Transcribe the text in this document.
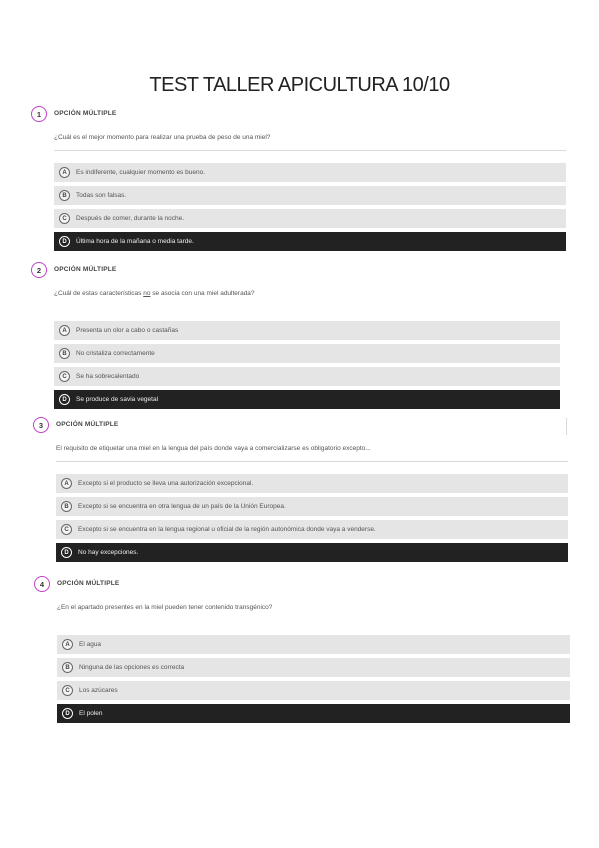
TEST TALLER APICULTURA 10/10
1	OPCIÓN MÚLTIPLE
¿Cuál es el mejor momento para realizar una prueba de peso de una miel?
A	Es indiferente, cualquier momento es bueno.
B	Todas son falsas.
C	Después de comer, durante la noche.
D	Última hora de la mañana o media tarde.
2	OPCIÓN MÚLTIPLE
¿Cuál de estas características no se asocia con una miel adulterada?
A	Presenta un olor a cabo o castañas
B	No cristaliza correctamente
C	Se ha sobrecalentado
D	Se produce de savia vegetal
3	OPCIÓN MÚLTIPLE
El requisito de etiquetar una miel en la lengua del país donde vaya a comercializarse es obligatorio excepto...
A	Excepto si el producto se lleva una autorización excepcional.
B	Excepto si se encuentra en otra lengua de un país de la Unión Europea.
C	Excepto si se encuentra en la lengua regional u oficial de la región autonómica donde vaya a venderse.
D	No hay excepciones.
4	OPCIÓN MÚLTIPLE
¿En el apartado presentes en la miel pueden tener contenido transgénico?
A	El agua
B	Ninguna de las opciones es correcta
C	Los azúcares
D	El polen
